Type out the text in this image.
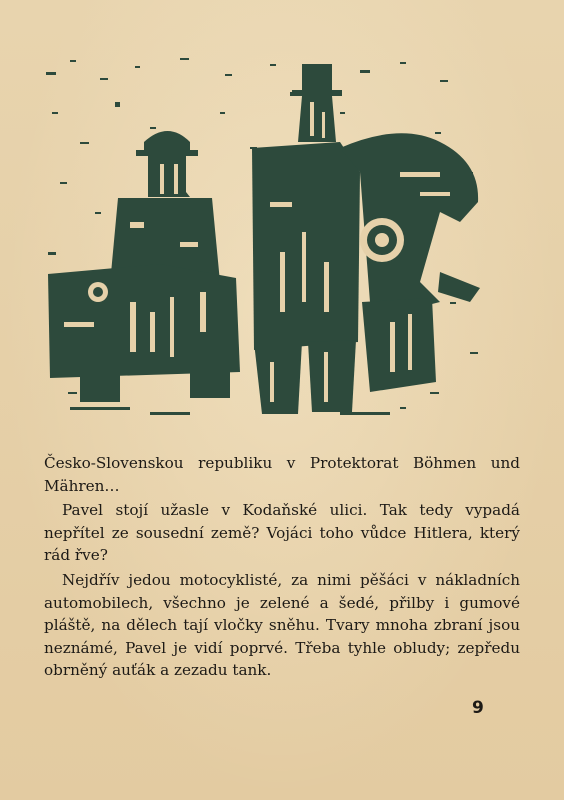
Česko-Slovenskou republiku v Protektorat Böhmen und Mähren…

Pavel stojí užasle v Kodaňské ulici. Tak tedy vypadá nepřítel ze sousední země? Vojáci toho vůdce Hitlera, který rád řve?

Nejdřív jedou motocyklisté, za nimi pěšáci v nákladních automobilech, všechno je zelené a šedé, přilby i gumové pláště, na dělech tají vločky sněhu. Tvary mnoha zbraní jsou neznámé, Pavel je vidí poprvé. Třeba tyhle obludy; zepředu obrněný auťák a zezadu tank.

9
